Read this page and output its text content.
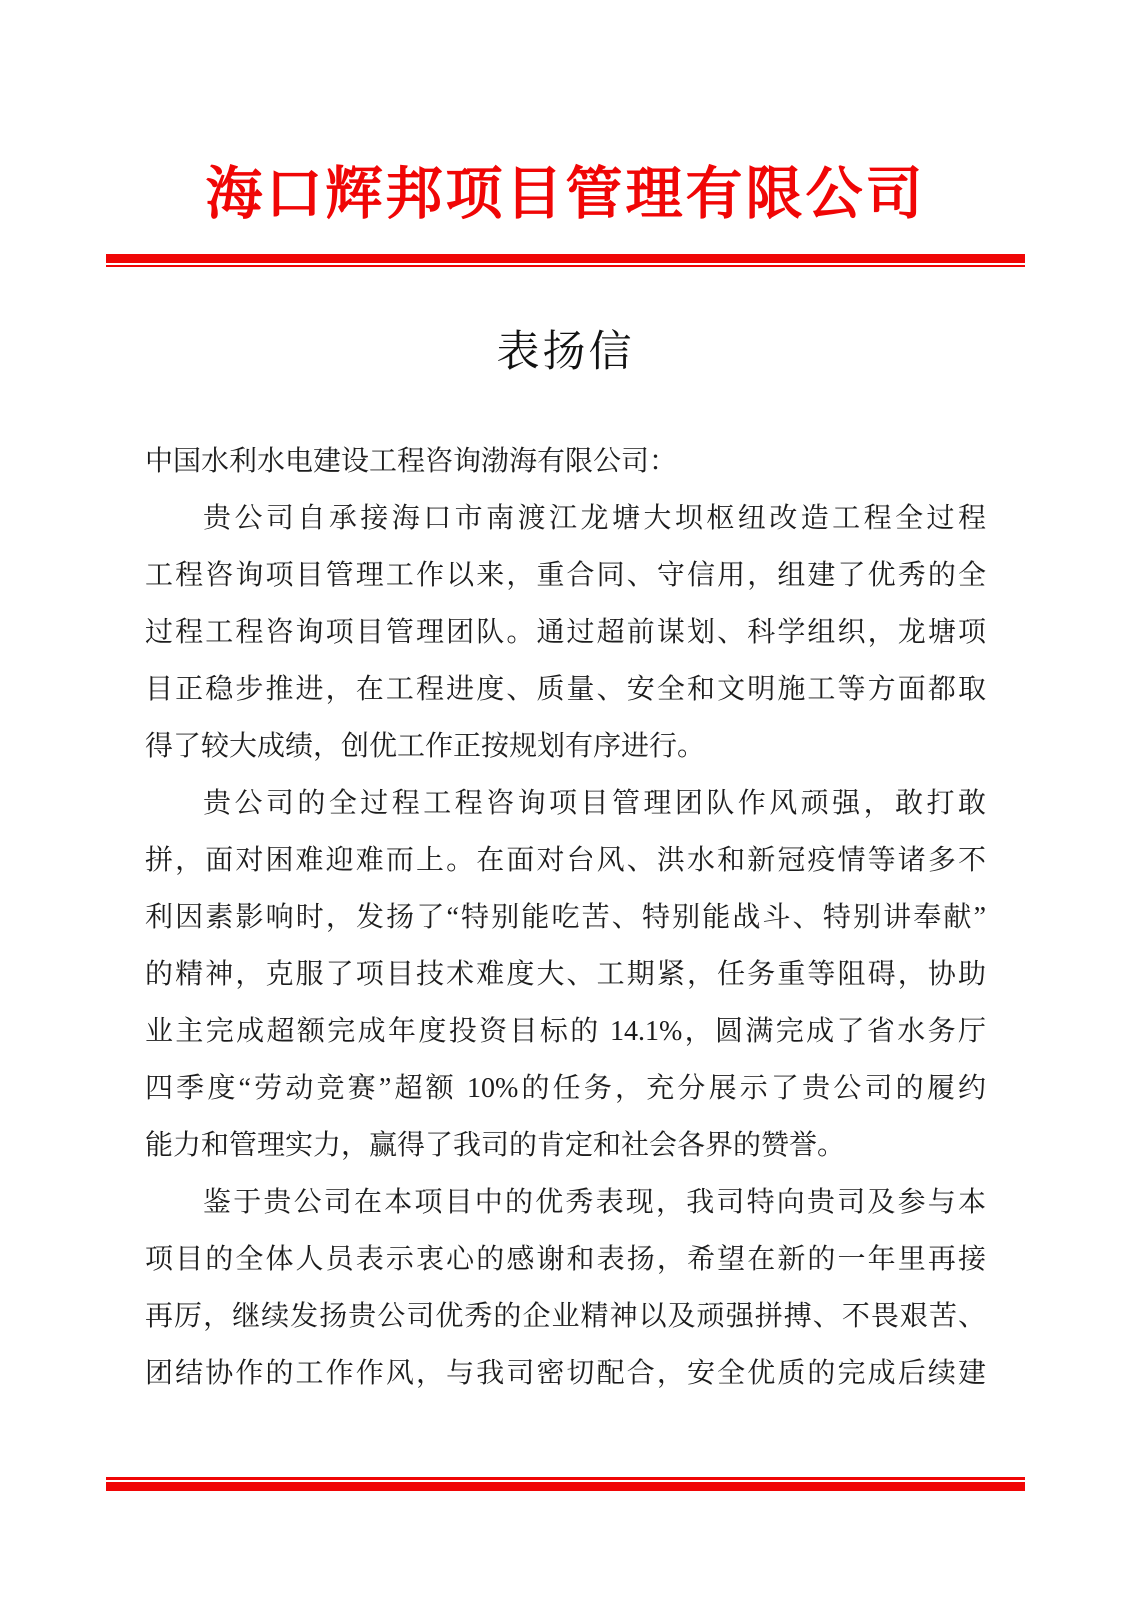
海口辉邦项目管理有限公司
表扬信
中国水利水电建设工程咨询渤海有限公司：
贵公司自承接海口市南渡江龙塘大坝枢纽改造工程全过程
工程咨询项目管理工作以来，重合同、守信用，组建了优秀的全
过程工程咨询项目管理团队。通过超前谋划、科学组织，龙塘项
目正稳步推进，在工程进度、质量、安全和文明施工等方面都取
得了较大成绩，创优工作正按规划有序进行。
贵公司的全过程工程咨询项目管理团队作风顽强，敢打敢
拼，面对困难迎难而上。在面对台风、洪水和新冠疫情等诸多不
利因素影响时，发扬了“特别能吃苦、特别能战斗、特别讲奉献”
的精神，克服了项目技术难度大、工期紧，任务重等阻碍，协助
业主完成超额完成年度投资目标的 14.1%，圆满完成了省水务厅
四季度“劳动竞赛”超额 10%的任务，充分展示了贵公司的履约
能力和管理实力，赢得了我司的肯定和社会各界的赞誉。
鉴于贵公司在本项目中的优秀表现，我司特向贵司及参与本
项目的全体人员表示衷心的感谢和表扬，希望在新的一年里再接
再厉，继续发扬贵公司优秀的企业精神以及顽强拼搏、不畏艰苦、
团结协作的工作作风，与我司密切配合，安全优质的完成后续建
